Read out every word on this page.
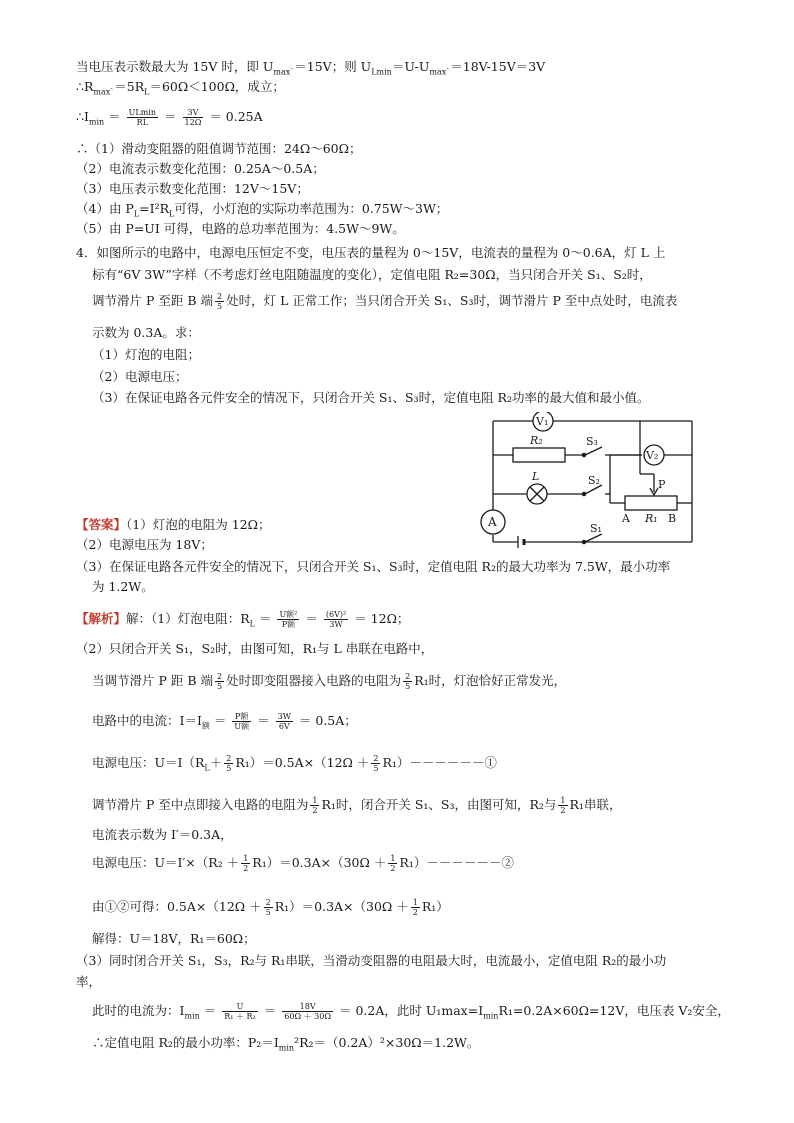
当电压表示数最大为 15V 时，即 $U_{max`}=15V$；则 $U_{Lmin}=U-U_{max`}=18V-15V=3V$
$\therefore R_{max`}=5R_L=60\Omega<100\Omega$，成立；
$\therefore I_{min} = \frac{ULmin}{RL} = \frac{3V}{12\Omega} = 0.25A$
∴（1）滑动变阻器的阻值调节范围：24Ω～60Ω；
（2）电流表示数变化范围：0.25A～0.5A；
（3）电压表示数变化范围：12V～15V；
（4）由 $P_L=I^2R_L$可得，小灯泡的实际功率范围为：0.75W～3W；
（5）由 P=UI 可得，电路的总功率范围为：4.5W～9W。
4．如图所示的电路中，电源电压恒定不变，电压表的量程为 0～15V，电流表的量程为 0～0.6A，灯 L 上
标有“6V 3W”字样（不考虑灯丝电阻随温度的变化），定值电阻 R₂=30Ω，当只闭合开关 S₁、S₂时，
调节滑片 P 至距 B 端 $\frac{2}{5}$ 处时，灯 L 正常工作；当只闭合开关 S₁、S₃时，调节滑片 P 至中点处时，电流表
示数为 0.3A。求：
（1）灯泡的电阻；
（2）电源电压；
（3）在保证电路各元件安全的情况下，只闭合开关 S₁、S₃时，定值电阻 R₂功率的最大值和最小值。
V₁
V₂
R₂	S₃
L	S₂	P
A R₁ B
A	S₁
【答案】（1）灯泡的电阻为 12Ω；
（2）电源电压为 18V；
（3）在保证电路各元件安全的情况下，只闭合开关 S₁、S₃时，定值电阻 R₂的最大功率为 7.5W，最小功率
为 1.2W。
【解析】解：（1）灯泡电阻：$R_L = \frac{\text{U额²}}{\text{P额}} = \frac{\text{(6V)²}}{3W} = 12\Omega$；
（2）只闭合开关 S₁，S₂时，由图可知，R₁与 L 串联在电路中，
当调节滑片 P 距 B 端 $\frac{2}{5}$ 处时即变阻器接入电路的电阻为 $\frac{2}{5} R_1$时，灯泡恰好正常发光，
电路中的电流：$I=I_额 = \frac{\text{P额}}{\text{U额}} = \frac{3W}{6V} = 0.5A$；
电源电压：$U=I(R_L+ \frac{2}{5} R_1)=0.5A\times(12\Omega + \frac{2}{5}$ R₁）－－－－－－①
调节滑片 P 至中点即接入电路的电阻为 $\frac{1}{2} R_1$时，闭合开关 S₁、S₃，由图可知，R₂与 $\frac{1}{2} R_1$串联，
电流表示数为 I′＝0.3A，
电源电压：$U=I'\times(R_2 + \frac{1}{2} R_1)=0.3A\times(30\Omega + \frac{1}{2}$ R₁）－－－－－－②
由①②可得：$0.5A\times(12\Omega + \frac{2}{5} R_1)=0.3A\times(30\Omega + \frac{1}{2} R_1)$
解得：U＝18V，R₁＝60Ω；
（3）同时闭合开关 S₁，S₃，R₂与 R₁串联，当滑动变阻器的电阻最大时，电流最小，定值电阻 R₂的最小功
率，
此时的电流为：$I_{min} = \frac{U}{\text{R₁ ＋ R₂}} = \frac{18V}{60\Omega + 30\Omega} = 0.2A$，此时 $U_1\max=I_{min}R_1=0.2A\times 60\Omega=12V$，电压表 V₂安全，
∴定值电阻 R₂的最小功率：$P_2=I_{min}^2R_2=(0.2A)^2\times 30\Omega=1.2W$。
